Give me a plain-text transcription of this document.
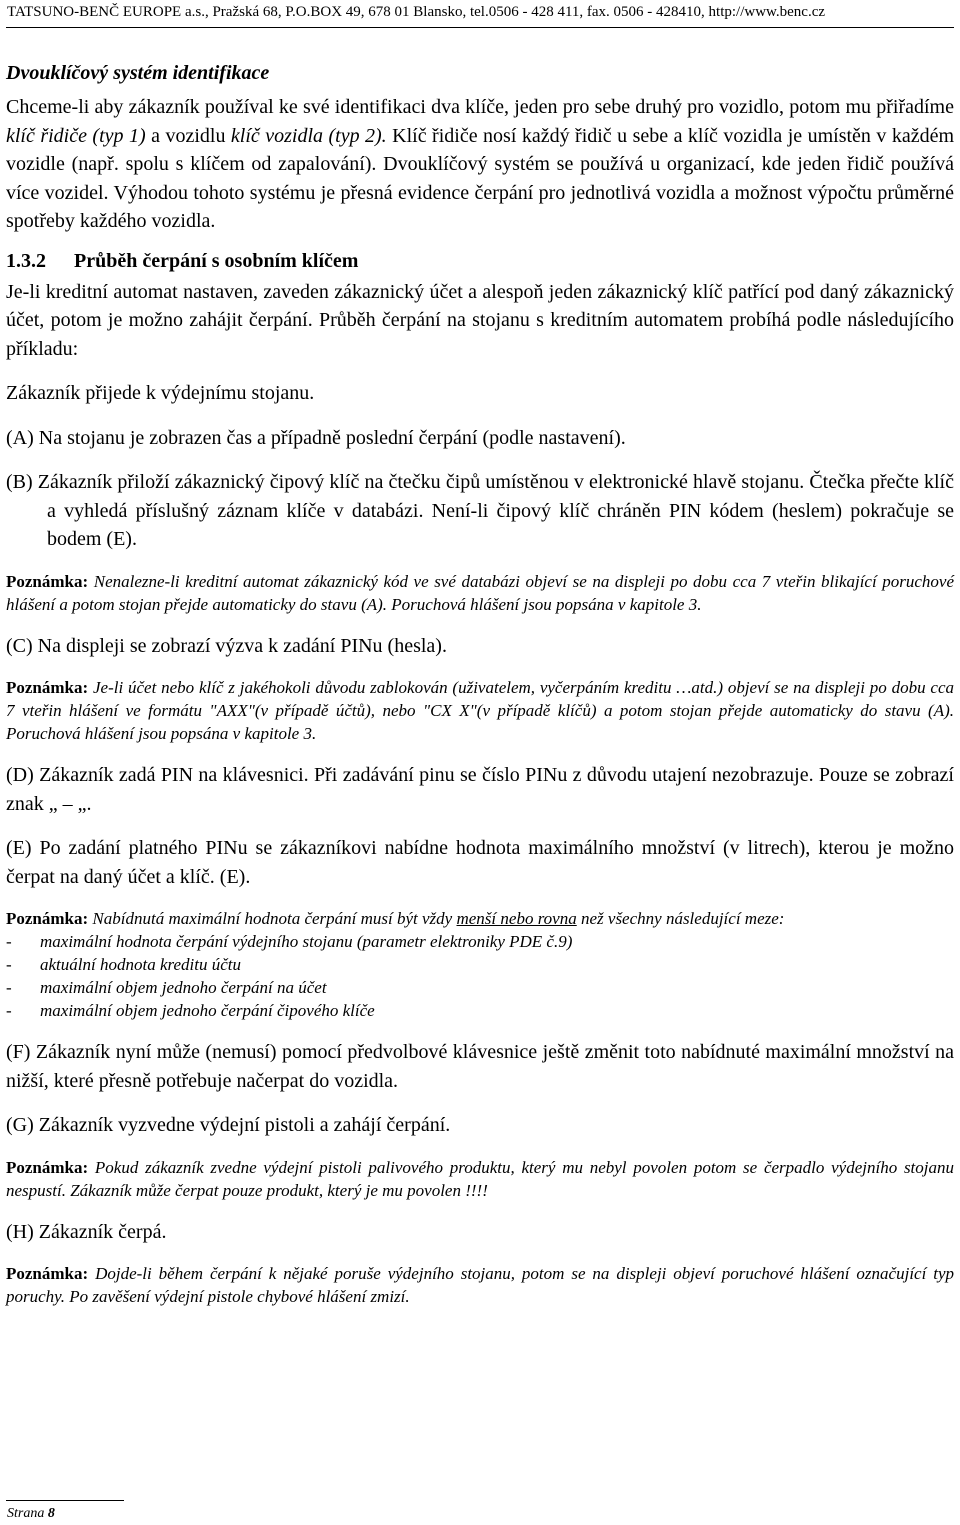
TATSUNO-BENČ EUROPE a.s., Pražská 68, P.O.BOX 49, 678 01 Blansko, tel.0506 - 428 411, fax. 0506 - 428410, http://www.benc.cz
Dvouklíčový systém identifikace

Chceme-li aby zákazník používal ke své identifikaci dva klíče, jeden pro sebe druhý pro vozidlo, potom mu přiřadíme klíč řidiče (typ 1) a vozidlu klíč vozidla (typ 2). Klíč řidiče nosí každý řidič u sebe a klíč vozidla je umístěn v každém vozidle (např. spolu s klíčem od zapalování). Dvouklíčový systém se používá u organizací, kde jeden řidič používá více vozidel. Výhodou tohoto systému je přesná evidence čerpání pro jednotlivá vozidla a možnost výpočtu průměrné spotřeby každého vozidla.

1.3.2 Průběh čerpání s osobním klíčem

Je-li kreditní automat nastaven, zaveden zákaznický účet a alespoň jeden zákaznický klíč patřící pod daný zákaznický účet, potom je možno zahájit čerpání. Průběh čerpání na stojanu s kreditním automatem probíhá podle následujícího příkladu:

Zákazník přijede k výdejnímu stojanu.

(A) Na stojanu je zobrazen čas a případně poslední čerpání (podle nastavení).

(B) Zákazník přiloží zákaznický čipový klíč na čtečku čipů umístěnou v elektronické hlavě stojanu. Čtečka přečte klíč a vyhledá příslušný záznam klíče v databázi. Není-li čipový klíč chráněn PIN kódem (heslem) pokračuje se bodem (E).

Poznámka: Nenalezne-li kreditní automat zákaznický kód ve své databázi objeví se na displeji po dobu cca 7 vteřin blikající poruchové hlášení a potom stojan přejde automaticky do stavu (A). Poruchová hlášení jsou popsána v kapitole 3.

(C) Na displeji se zobrazí výzva k zadání PINu (hesla).

Poznámka: Je-li účet nebo klíč z jakéhokoli důvodu zablokován (uživatelem, vyčerpáním kreditu …atd.) objeví se na displeji po dobu cca 7 vteřin hlášení ve formátu "AXX"(v případě účtů), nebo "CX X"(v případě klíčů) a potom stojan přejde automaticky do stavu (A). Poruchová hlášení jsou popsána v kapitole 3.

(D) Zákazník zadá PIN na klávesnici. Při zadávání pinu se číslo PINu z důvodu utajení nezobrazuje. Pouze se zobrazí znak „ – „.

(E) Po zadání platného PINu se zákazníkovi nabídne hodnota maximálního množství (v litrech), kterou je možno čerpat na daný účet a klíč. (E).

Poznámka: Nabídnutá maximální hodnota čerpání musí být vždy menší nebo rovna než všechny následující meze:

- maximální hodnota čerpání výdejního stojanu (parametr elektroniky PDE č.9)
- aktuální hodnota kreditu účtu
- maximální objem jednoho čerpání na účet
- maximální objem jednoho čerpání čipového klíče

(F) Zákazník nyní může (nemusí) pomocí předvolbové klávesnice ještě změnit toto nabídnuté maximální množství na nižší, které přesně potřebuje načerpat do vozidla.

(G) Zákazník vyzvedne výdejní pistoli a zahájí čerpání.

Poznámka: Pokud zákazník zvedne výdejní pistoli palivového produktu, který mu nebyl povolen potom se čerpadlo výdejního stojanu nespustí. Zákazník může čerpat pouze produkt, který je mu povolen !!!!

(H) Zákazník čerpá.

Poznámka: Dojde-li během čerpání k nějaké poruše výdejního stojanu, potom se na displeji objeví poruchové hlášení označující typ poruchy. Po zavěšení výdejní pistole chybové hlášení zmizí.

Strana 8
